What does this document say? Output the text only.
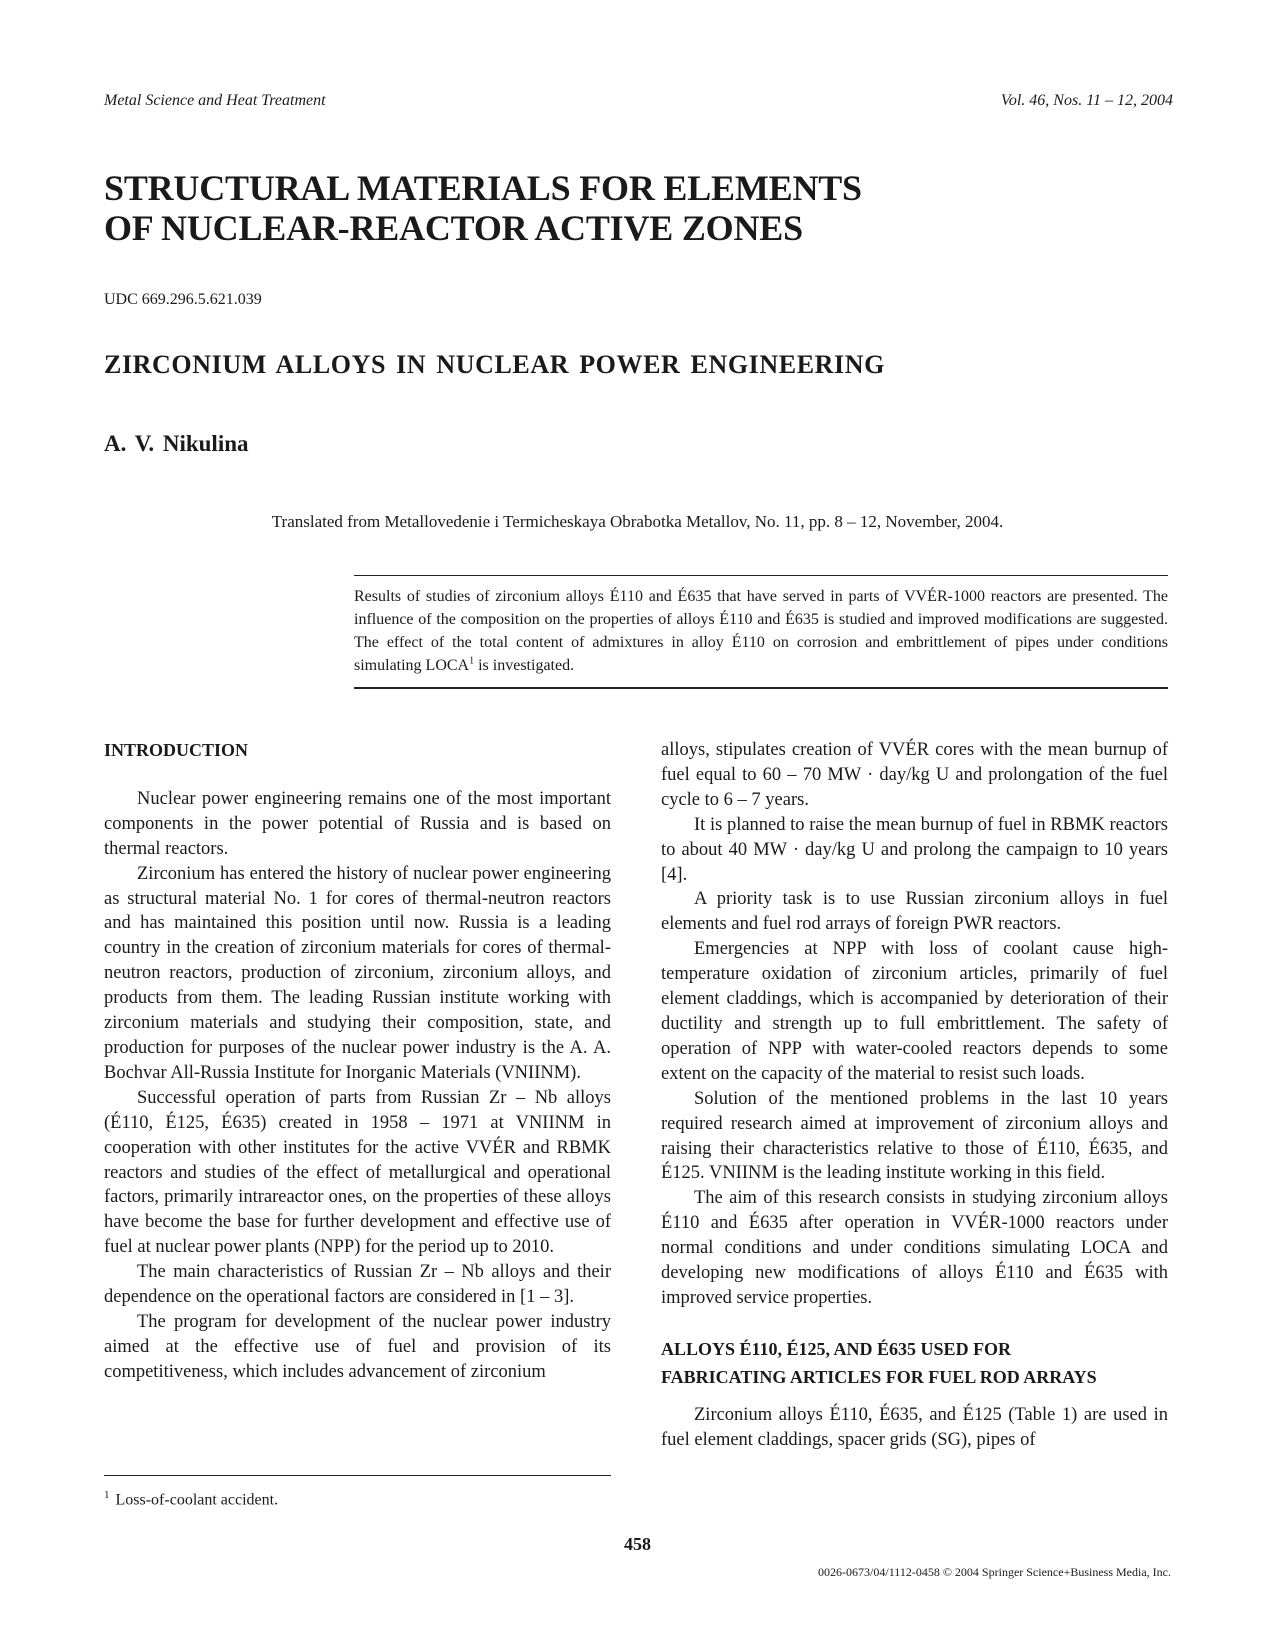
Metal Science and Heat Treatment	Vol. 46, Nos. 11 – 12, 2004
STRUCTURAL MATERIALS FOR ELEMENTS
OF NUCLEAR-REACTOR ACTIVE ZONES
UDC 669.296.5.621.039
ZIRCONIUM ALLOYS IN NUCLEAR POWER ENGINEERING
A. V. Nikulina
Translated from Metallovedenie i Termicheskaya Obrabotka Metallov, No. 11, pp. 8 – 12, November, 2004.
Results of studies of zirconium alloys É110 and É635 that have served in parts of VVÉR-1000 reactors are presented. The influence of the composition on the properties of alloys É110 and É635 is studied and improved modifications are suggested. The effect of the total content of admixtures in alloy É110 on corrosion and embrittlement of pipes under conditions simulating LOCA$^1$ is investigated.
INTRODUCTION

Nuclear power engineering remains one of the most important components in the power potential of Russia and is based on thermal reactors.

Zirconium has entered the history of nuclear power engineering as structural material No. 1 for cores of thermal-neutron reactors and has maintained this position until now. Russia is a leading country in the creation of zirconium materials for cores of thermal-neutron reactors, production of zirconium, zirconium alloys, and products from them. The leading Russian institute working with zirconium materials and studying their composition, state, and production for purposes of the nuclear power industry is the A. A. Bochvar All-Russia Institute for Inorganic Materials (VNIINM).

Successful operation of parts from Russian Zr – Nb alloys (É110, É125, É635) created in 1958 – 1971 at VNIINM in cooperation with other institutes for the active VVÉR and RBMK reactors and studies of the effect of metallurgical and operational factors, primarily intrareactor ones, on the properties of these alloys have become the base for further development and effective use of fuel at nuclear power plants (NPP) for the period up to 2010.

The main characteristics of Russian Zr – Nb alloys and their dependence on the operational factors are considered in [1 – 3].

The program for development of the nuclear power industry aimed at the effective use of fuel and provision of its competitiveness, which includes advancement of zirconium

alloys, stipulates creation of VVÉR cores with the mean burnup of fuel equal to 60 – 70 MW · day/kg U and prolongation of the fuel cycle to 6 – 7 years.

It is planned to raise the mean burnup of fuel in RBMK reactors to about 40 MW · day/kg U and prolong the campaign to 10 years [4].

A priority task is to use Russian zirconium alloys in fuel elements and fuel rod arrays of foreign PWR reactors.

Emergencies at NPP with loss of coolant cause high-temperature oxidation of zirconium articles, primarily of fuel element claddings, which is accompanied by deterioration of their ductility and strength up to full embrittlement. The safety of operation of NPP with water-cooled reactors depends to some extent on the capacity of the material to resist such loads.

Solution of the mentioned problems in the last 10 years required research aimed at improvement of zirconium alloys and raising their characteristics relative to those of É110, É635, and É125. VNIINM is the leading institute working in this field.

The aim of this research consists in studying zirconium alloys É110 and É635 after operation in VVÉR-1000 reactors under normal conditions and under conditions simulating LOCA and developing new modifications of alloys É110 and É635 with improved service properties.

ALLOYS É110, É125, AND É635 USED FOR
FABRICATING ARTICLES FOR FUEL ROD ARRAYS

Zirconium alloys É110, É635, and É125 (Table 1) are used in fuel element claddings, spacer grids (SG), pipes of

$^1$ Loss-of-coolant accident.
458
0026-0673/04/1112-0458 © 2004 Springer Science+Business Media, Inc.
